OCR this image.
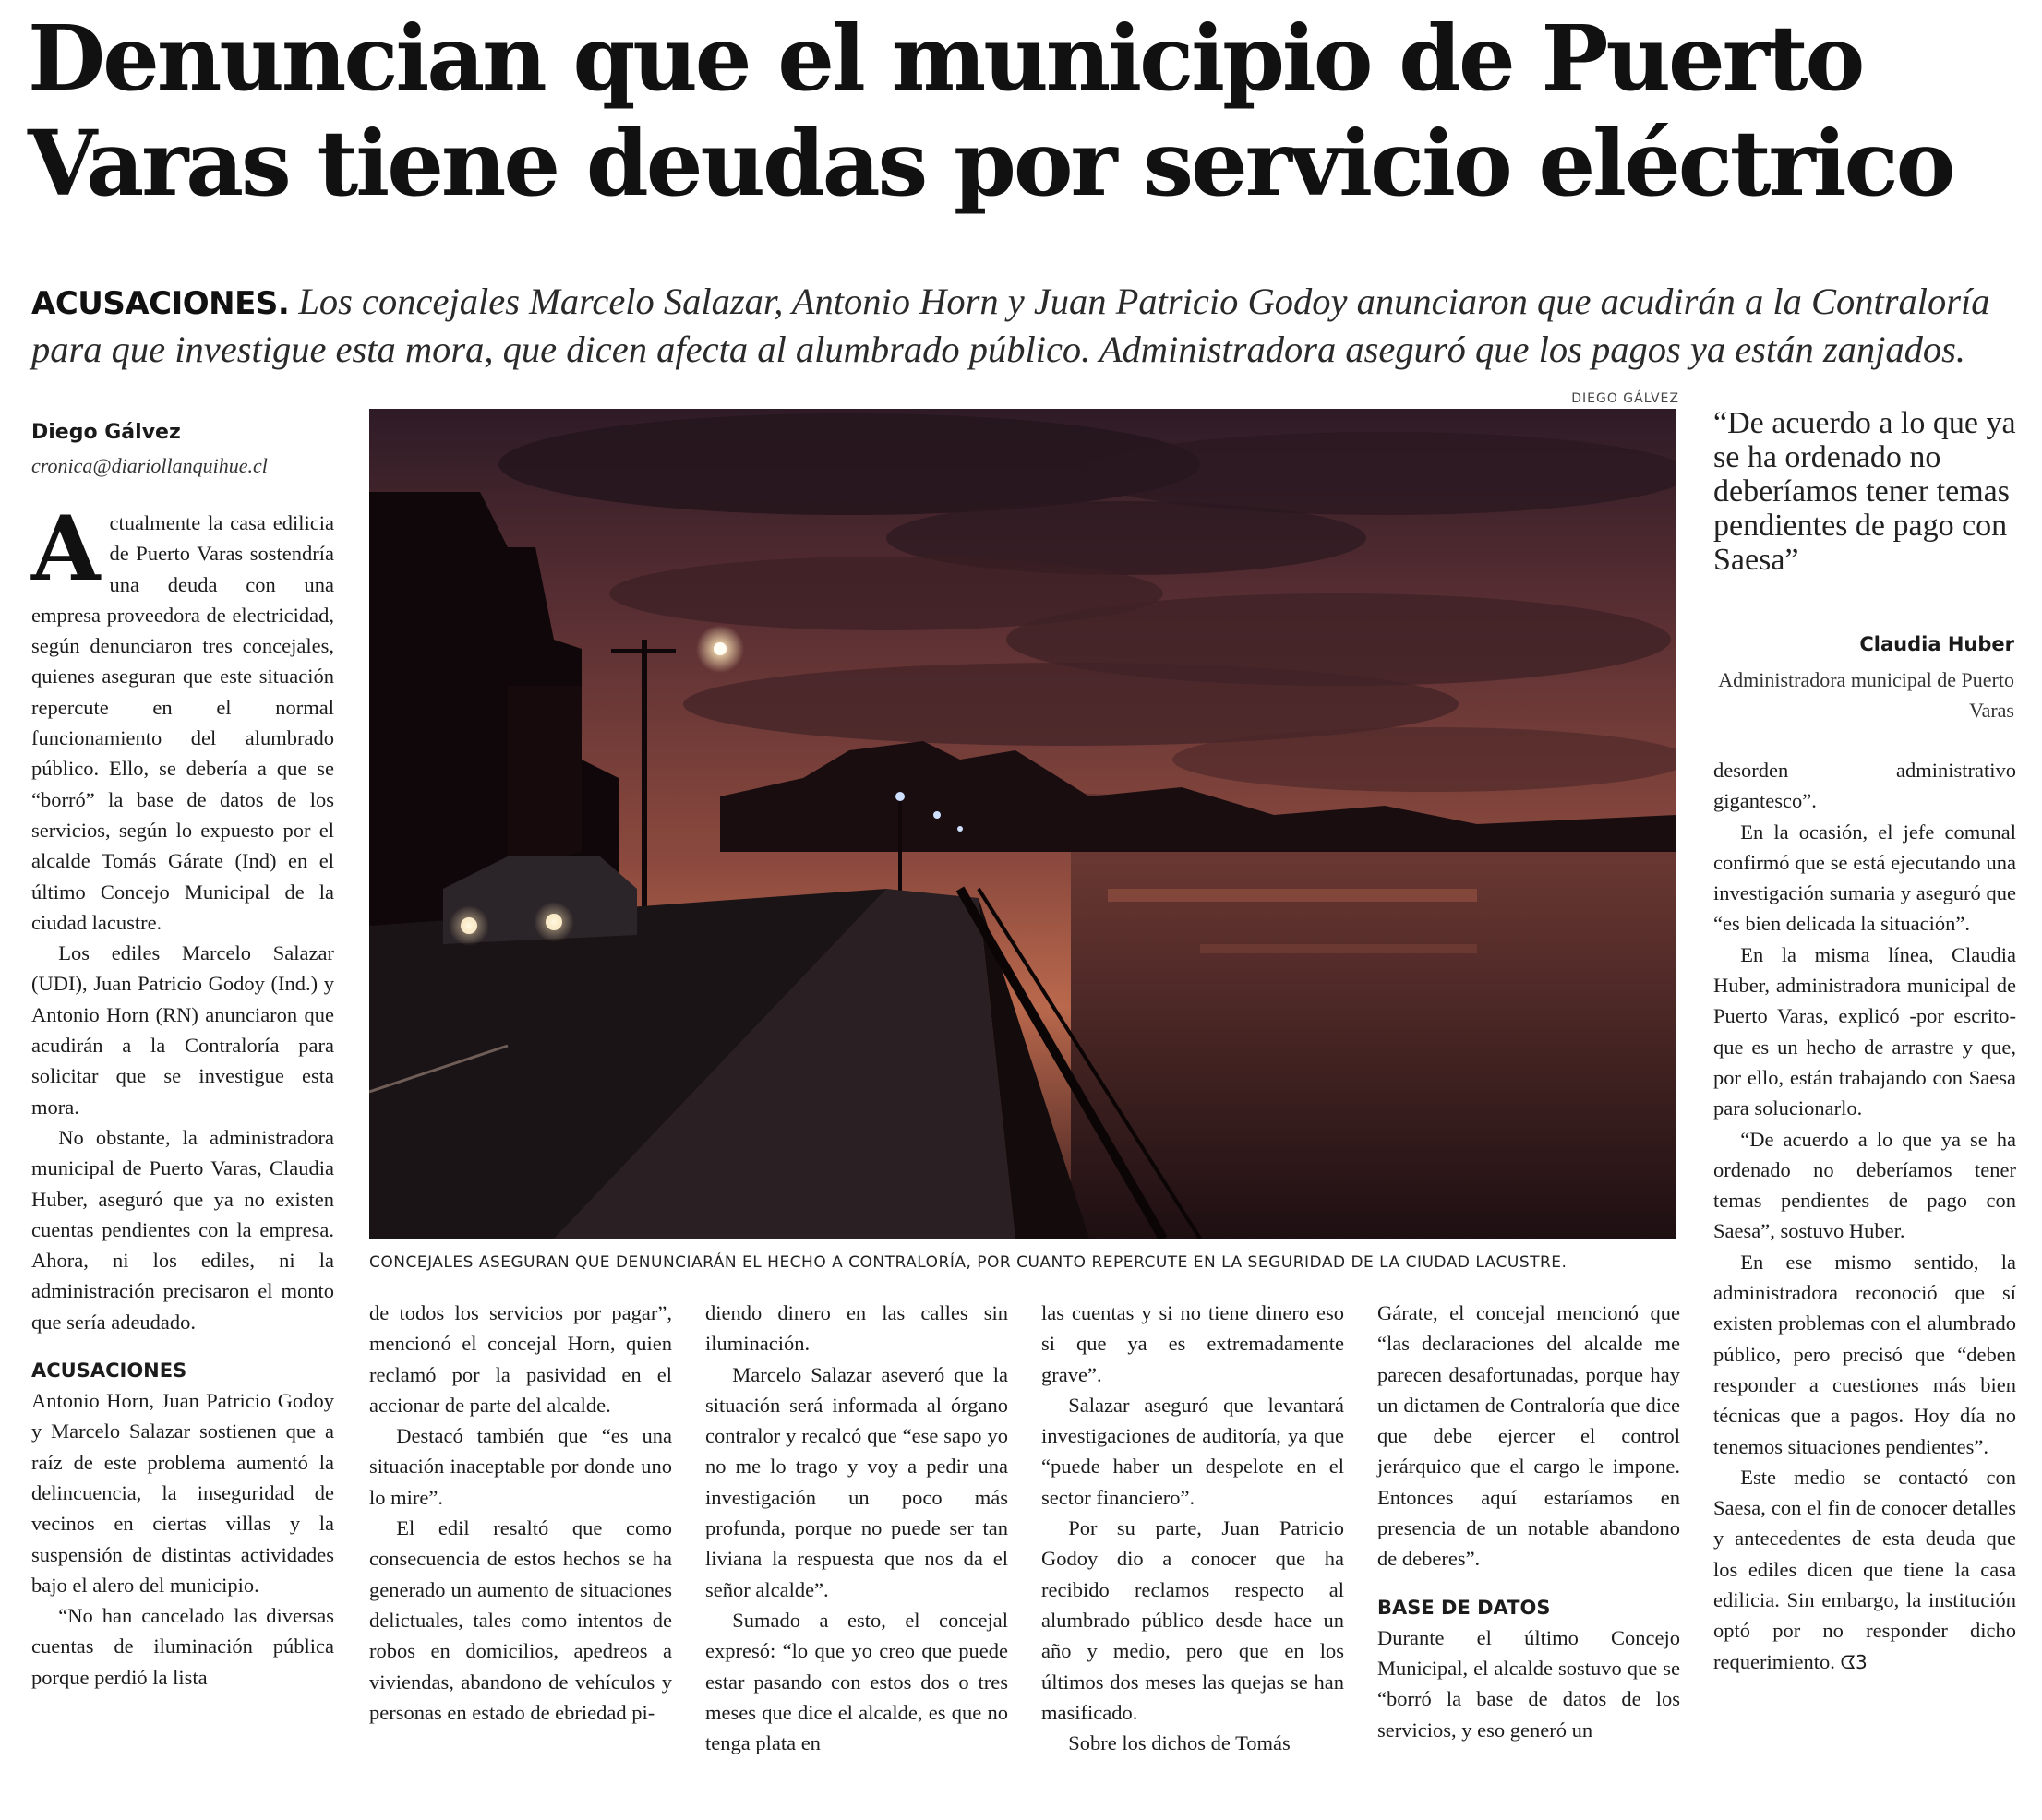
Denuncian que el municipio de Puerto Varas tiene deudas por servicio eléctrico
ACUSACIONES. Los concejales Marcelo Salazar, Antonio Horn y Juan Patricio Godoy anunciaron que acudirán a la Contraloría para que investigue esta mora, que dicen afecta al alumbrado público. Administradora aseguró que los pagos ya están zanjados.
Diego Gálvez
cronica@diariollanquihue.cl
DIEGO GÁLVEZ
CONCEJALES ASEGURAN QUE DENUNCIARÁN EL HECHO A CONTRALORÍA, POR CUANTO REPERCUTE EN LA SEGURIDAD DE LA CIUDAD LACUSTRE.

Actualmente la casa edilicia de Puerto Varas sostendría una deuda con una empresa proveedora de electricidad, según denunciaron tres concejales, quienes aseguran que este situación repercute en el normal funcionamiento del alumbrado público. Ello, se debería a que se “borró” la base de datos de los servicios, según lo expuesto por el alcalde Tomás Gárate (Ind) en el último Concejo Municipal de la ciudad lacustre.

Los ediles Marcelo Salazar (UDI), Juan Patricio Godoy (Ind.) y Antonio Horn (RN) anunciaron que acudirán a la Contraloría para solicitar que se investigue esta mora.

No obstante, la administradora municipal de Puerto Varas, Claudia Huber, aseguró que ya no existen cuentas pendientes con la empresa. Ahora, ni los ediles, ni la administración precisaron el monto que sería adeudado.

ACUSACIONES

Antonio Horn, Juan Patricio Godoy y Marcelo Salazar sostienen que a raíz de este problema aumentó la delincuencia, la inseguridad de vecinos en ciertas villas y la suspensión de distintas actividades bajo el alero del municipio.

“No han cancelado las diversas cuentas de iluminación pública porque perdió la lista

de todos los servicios por pagar”, mencionó el concejal Horn, quien reclamó por la pasividad en el accionar de parte del alcalde.

Destacó también que “es una situación inaceptable por donde uno lo mire”.

El edil resaltó que como consecuencia de estos hechos se ha generado un aumento de situaciones delictuales, tales como intentos de robos en domicilios, apedreos a viviendas, abandono de vehículos y personas en estado de ebriedad pi-

diendo dinero en las calles sin iluminación.

Marcelo Salazar aseveró que la situación será informada al órgano contralor y recalcó que “ese sapo yo no me lo trago y voy a pedir una investigación un poco más profunda, porque no puede ser tan liviana la respuesta que nos da el señor alcalde”.

Sumado a esto, el concejal expresó: “lo que yo creo que puede estar pasando con estos dos o tres meses que dice el alcalde, es que no tenga plata en

las cuentas y si no tiene dinero eso si que ya es extremadamente grave”.

Salazar aseguró que levantará investigaciones de auditoría, ya que “puede haber un despelote en el sector financiero”.

Por su parte, Juan Patricio Godoy dio a conocer que ha recibido reclamos respecto al alumbrado público desde hace un año y medio, pero que en los últimos dos meses las quejas se han masificado.

Sobre los dichos de Tomás

Gárate, el concejal mencionó que “las declaraciones del alcalde me parecen desafortunadas, porque hay un dictamen de Contraloría que dice que debe ejercer el control jerárquico que el cargo le impone. Entonces aquí estaríamos en presencia de un notable abandono de deberes”.

BASE DE DATOS

Durante el último Concejo Municipal, el alcalde sostuvo que se “borró la base de datos de los servicios, y eso generó un

“De acuerdo a lo que ya se ha ordenado no deberíamos tener temas pendientes de pago con Saesa”
Claudia Huber
Administradora municipal de Puerto Varas

desorden administrativo gigantesco”.

En la ocasión, el jefe comunal confirmó que se está ejecutando una investigación sumaria y aseguró que “es bien delicada la situación”.

En la misma línea, Claudia Huber, administradora municipal de Puerto Varas, explicó -por escrito- que es un hecho de arrastre y que, por ello, están trabajando con Saesa para solucionarlo.

“De acuerdo a lo que ya se ha ordenado no deberíamos tener temas pendientes de pago con Saesa”, sostuvo Huber.

En ese mismo sentido, la administradora reconoció que sí existen problemas con el alumbrado público, pero precisó que “deben responder a cuestiones más bien técnicas que a pagos. Hoy día no tenemos situaciones pendientes”.

Este medio se contactó con Saesa, con el fin de conocer detalles y antecedentes de esta deuda que los ediles dicen que tiene la casa edilicia. Sin embargo, la institución optó por no responder dicho requerimiento. ᗧ3
